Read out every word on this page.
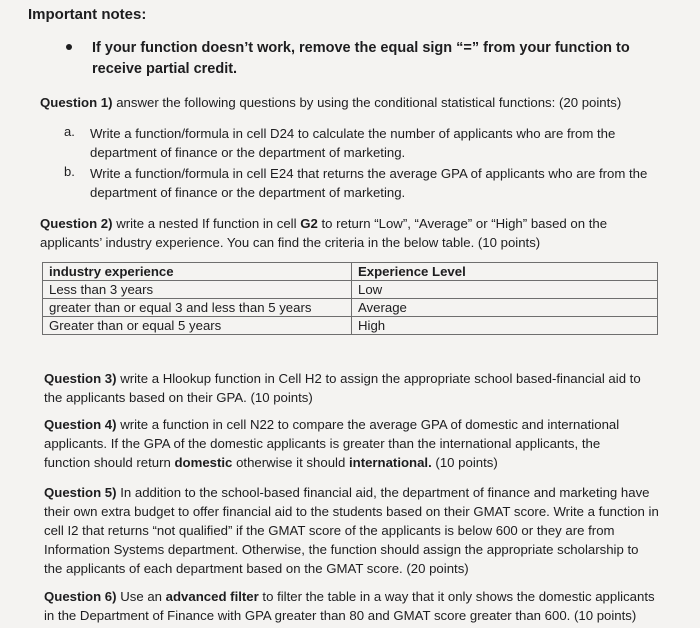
Important notes:
If your function doesn’t work, remove the equal sign “=” from your function to receive partial credit.
Question 1) answer the following questions by using the conditional statistical functions: (20 points)
a. Write a function/formula in cell D24 to calculate the number of applicants who are from the department of finance or the department of marketing.
b. Write a function/formula in cell E24 that returns the average GPA of applicants who are from the department of finance or the department of marketing.
Question 2) write a nested If function in cell G2 to return “Low”, “Average” or “High” based on the applicants’ industry experience. You can find the criteria in the below table. (10 points)
industry experience	Experience Level
Less than 3 years	Low
greater than or equal 3 and less than 5 years	Average
Greater than or equal 5 years	High
Question 3) write a Hlookup function in Cell H2 to assign the appropriate school based-financial aid to the applicants based on their GPA. (10 points)
Question 4) write a function in cell N22 to compare the average GPA of domestic and international applicants. If the GPA of the domestic applicants is greater than the international applicants, the function should return domestic otherwise it should international. (10 points)
Question 5) In addition to the school-based financial aid, the department of finance and marketing have their own extra budget to offer financial aid to the students based on their GMAT score. Write a function in cell I2 that returns “not qualified” if the GMAT score of the applicants is below 600 or they are from Information Systems department. Otherwise, the function should assign the appropriate scholarship to the applicants of each department based on the GMAT score. (20 points)
Question 6) Use an advanced filter to filter the table in a way that it only shows the domestic applicants in the Department of Finance with GPA greater than 80 and GMAT score greater than 600. (10 points)
